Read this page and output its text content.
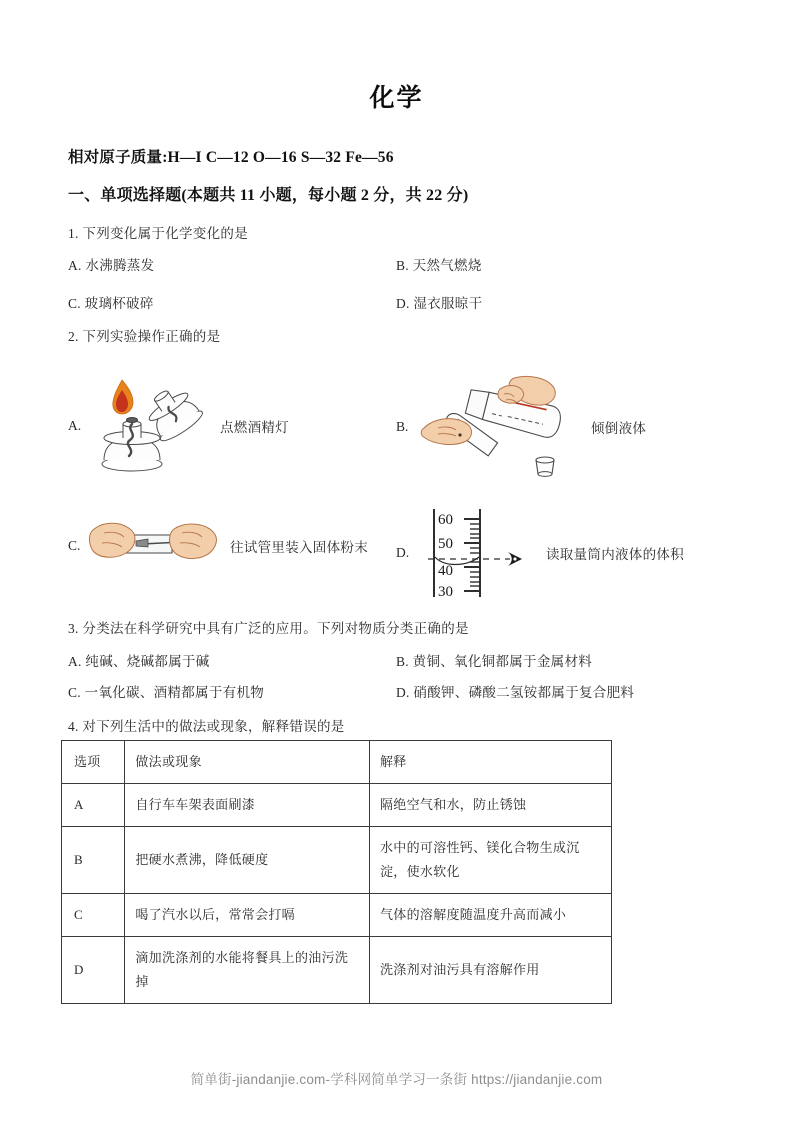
化学
相对原子质量:H—I C—12 O—16 S—32 Fe—56
一、单项选择题(本题共 11 小题，每小题 2 分，共 22 分)
1. 下列变化属于化学变化的是
A. 水沸腾蒸发	B. 天然气燃烧
C. 玻璃杯破碎	D. 湿衣服晾干
2. 下列实验操作正确的是
A.	点燃酒精灯	B.	倾倒液体
C.	往试管里装入固体粉末 D.
60
50
40
30
读取量筒内液体的体积
3. 分类法在科学研究中具有广泛的应用。下列对物质分类正确的是
A. 纯碱、烧碱都属于碱	B. 黄铜、氧化铜都属于金属材料
C. 一氧化碳、酒精都属于有机物	D. 硝酸钾、磷酸二氢铵都属于复合肥料
4. 对下列生活中的做法或现象，解释错误的是
选项	做法或现象	解释
A	自行车车架表面刷漆	隔绝空气和水，防止锈蚀
B	把硬水煮沸，降低硬度	水中的可溶性钙、镁化合物生成沉淀，使水软化
C	喝了汽水以后，常常会打嗝	气体的溶解度随温度升高而减小
D	滴加洗涤剂的水能将餐具上的油污洗掉	洗涤剂对油污具有溶解作用
简单街-jiandanjie.com-学科网简单学习一条街 https://jiandanjie.com
